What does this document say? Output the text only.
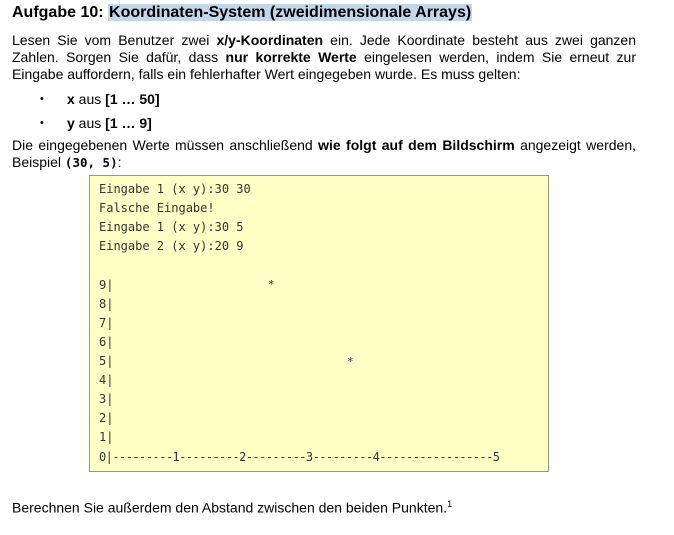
Aufgabe 10: Koordinaten-System (zweidimensionale Arrays)
Lesen Sie vom Benutzer zwei x/y-Koordinaten ein. Jede Koordinate besteht aus zwei ganzen Zahlen. Sorgen Sie dafür, dass nur korrekte Werte eingelesen werden, indem Sie erneut zur Eingabe auffordern, falls ein fehlerhafter Wert eingegeben wurde. Es muss gelten:
• x aus [1 … 50]
• y aus [1 … 9]
Die eingegebenen Werte müssen anschließend wie folgt auf dem Bildschirm angezeigt werden, Beispiel (30, 5):
Eingabe 1 (x y):30 30
Falsche Eingabe!
Eingabe 1 (x y):30 5
Eingabe 2 (x y):20 9
9|
8|
7|
6|
5|
4|
3|
2|
1|
0|---------1---------2---------3---------4-----------------5
*
*
Berechnen Sie außerdem den Abstand zwischen den beiden Punkten.$^1$
